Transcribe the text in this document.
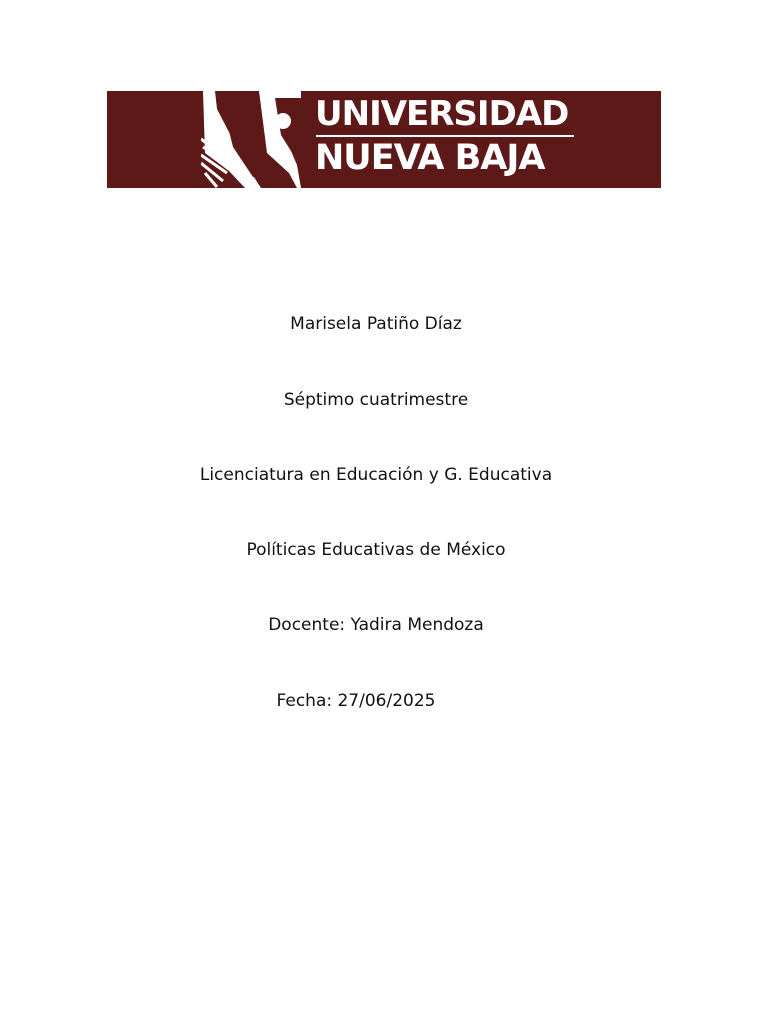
UNIVERSIDAD
NUEVA BAJA
Marisela Patiño Díaz
Séptimo cuatrimestre
Licenciatura en Educación y G. Educativa
Políticas Educativas de México
Docente: Yadira Mendoza
Fecha: 27/06/2025
